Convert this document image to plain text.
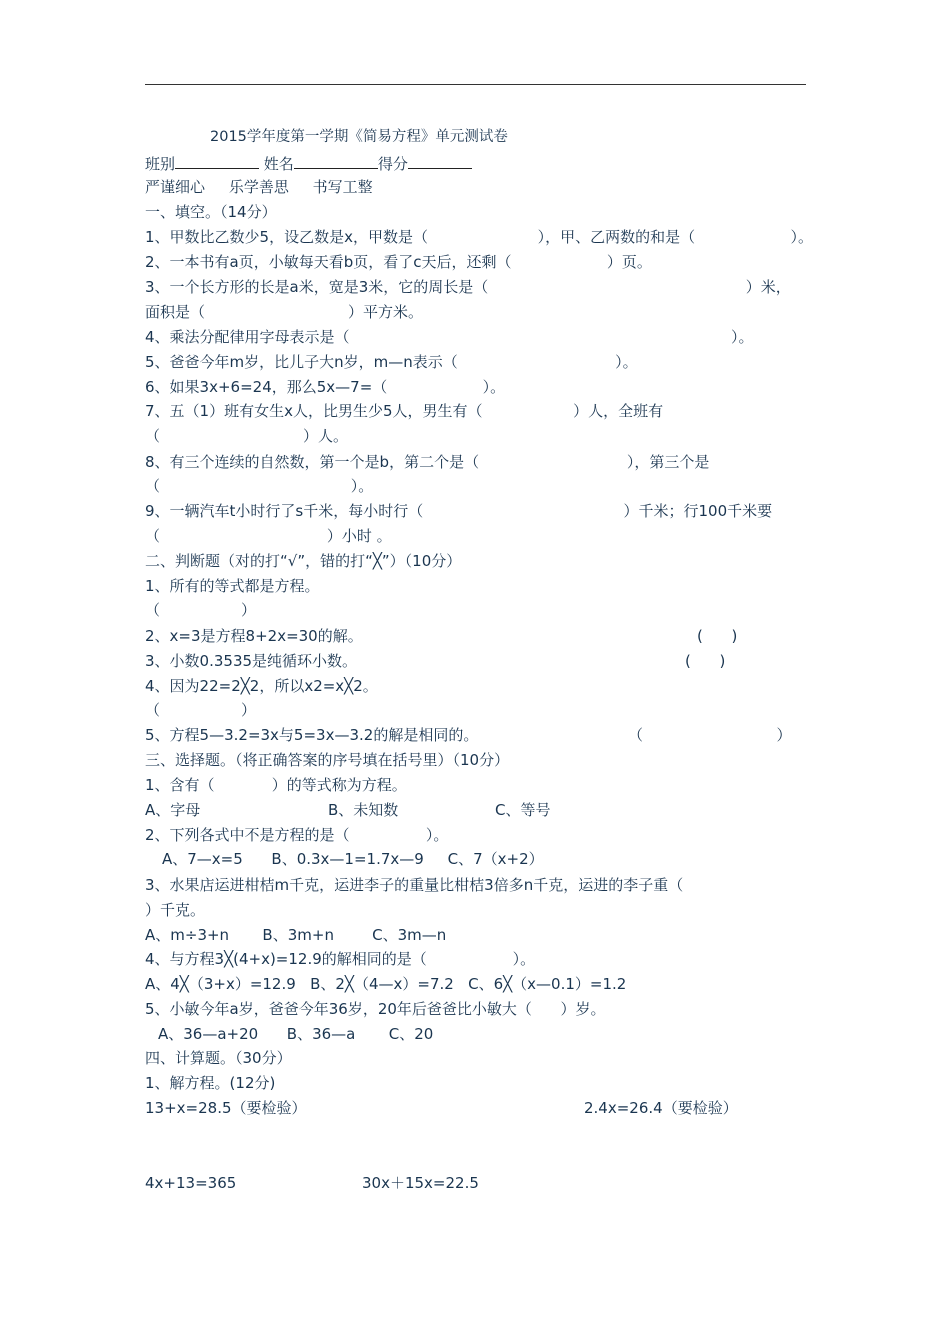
2015学年度第一学期《简易方程》单元测试卷
班别	姓名	得分
严谨细心     乐学善思     书写工整
一、填空。（14分）
1、甲数比乙数少5，设乙数是x，甲数是（                       ），甲、乙两数的和是（                    ）。
2、一本书有a页，小敏每天看b页，看了c天后，还剩（                    ）页。
3、一个长方形的长是a米，宽是3米，它的周长是（                                                      ）米，
面积是（                              ）平方米。
4、乘法分配律用字母表示是（                                                                                ）。
5、爸爸今年m岁，比儿子大n岁，m—n表示（                                 ）。
6、如果3x+6=24，那么5x—7=（                    ）。
7、五（1）班有女生x人，比男生少5人，男生有（                   ）人，全班有
（                              ）人。
8、有三个连续的自然数，第一个是b，第二个是（                               ），第三个是
（                                        ）。
9、一辆汽车t小时行了s千米，每小时行（                                          ）千米；行100千米要
（                                   ）小时 。
二、判断题（对的打“√”，错的打“╳”）（10分）
1、所有的等式都是方程。
（                 ）
2、x=3是方程8+2x=30的解。	(      )
3、小数0.3535是纯循环小数。	(      )
4、因为22=2╳2，所以x2=x╳2。
（                 ）
5、方程5—3.2=3x与5=3x—3.2的解是相同的。	（                            ）
三、选择题。（将正确答案的序号填在括号里）（10分）
1、含有（            ）的等式称为方程。
A、字母	B、未知数	C、等号
2、下列各式中不是方程的是（                ）。
A、7—x=5      B、0.3x—1=1.7x—9     C、7（x+2）
3、水果店运进柑桔m千克，运进李子的重量比柑桔3倍多n千克，运进的李子重（
）千克。
A、m÷3+n       B、3m+n        C、3m—n
4、与方程3╳(4+x)=12.9的解相同的是（                  ）。
A、4╳（3+x）=12.9   B、2╳（4—x）=7.2   C、6╳（x—0.1）=1.2
5、小敏今年a岁，爸爸今年36岁，20年后爸爸比小敏大（      ）岁。
A、36—a+20      B、36—a       C、20
四、计算题。（30分）
1、解方程。(12分)
13+x=28.5（要检验）	2.4x=26.4（要检验）
4x+13=365	30x＋15x=22.5
